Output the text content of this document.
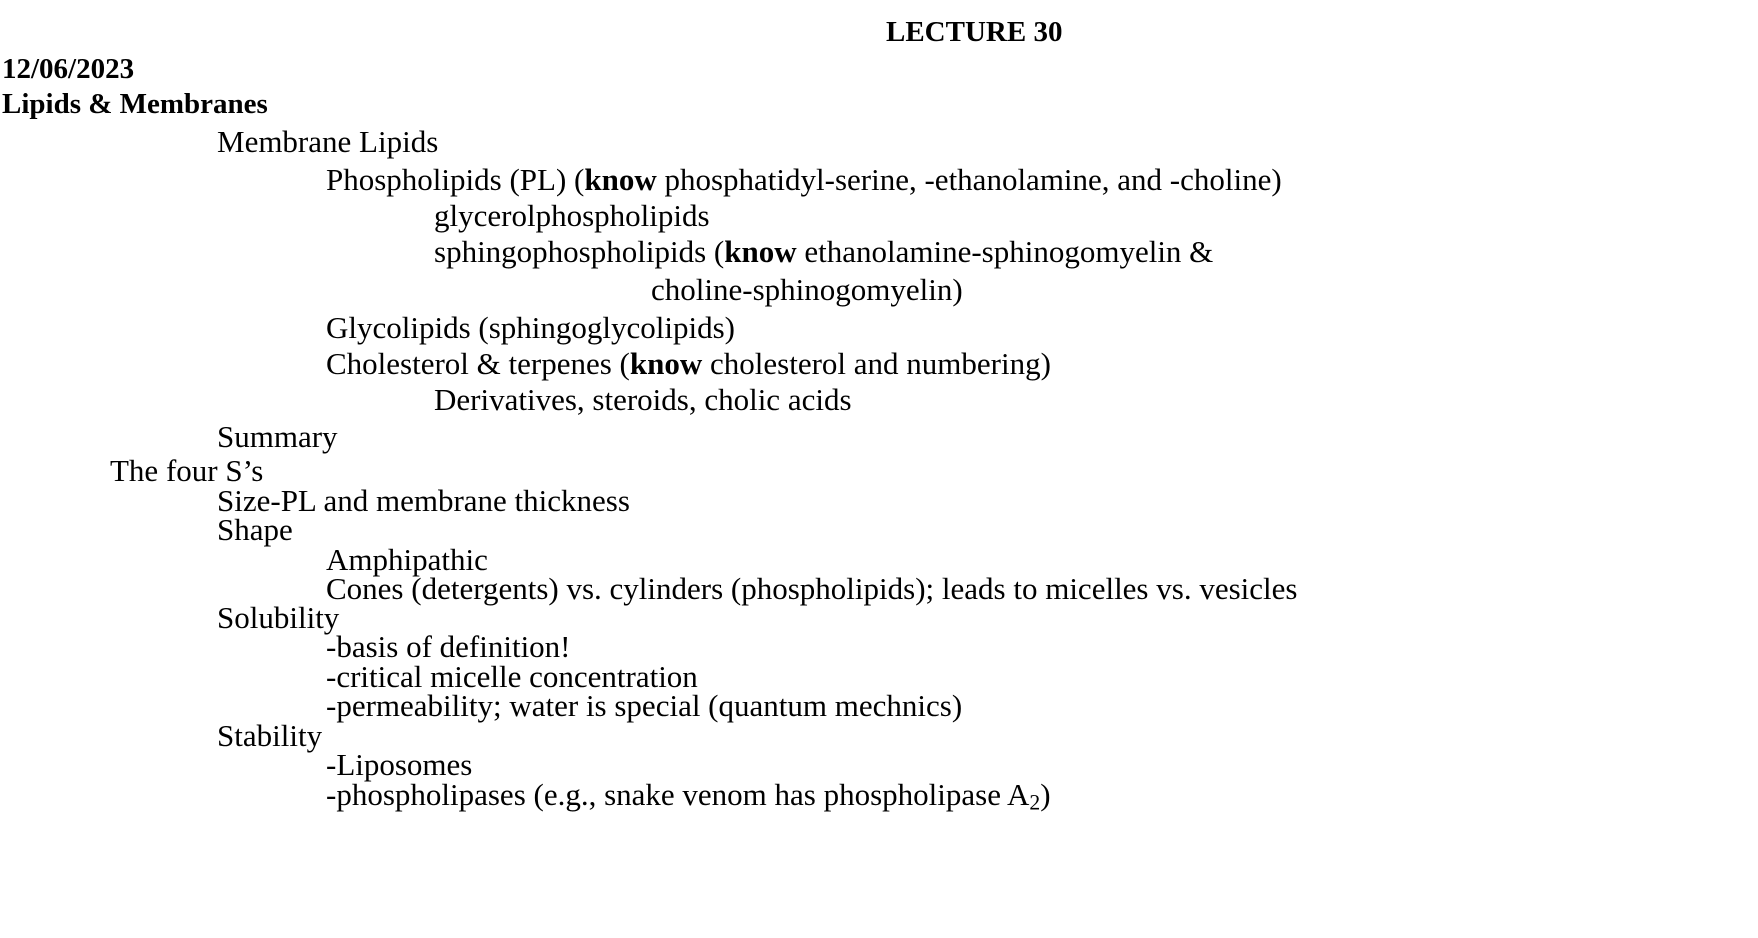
LECTURE 30
12/06/2023
Lipids & Membranes
Membrane Lipids
Phospholipids (PL) (know phosphatidyl-serine, -ethanolamine, and -choline)
glycerolphospholipids
sphingophospholipids (know ethanolamine-sphinogomyelin &
choline-sphinogomyelin)
Glycolipids (sphingoglycolipids)
Cholesterol & terpenes (know cholesterol and numbering)
Derivatives, steroids, cholic acids
Summary
The four S’s
Size-PL and membrane thickness
Shape
Amphipathic
Cones (detergents) vs. cylinders (phospholipids); leads to micelles vs. vesicles
Solubility
-basis of definition!
-critical micelle concentration
-permeability; water is special (quantum mechnics)
Stability
-Liposomes
-phospholipases (e.g., snake venom has phospholipase $A_2$)
